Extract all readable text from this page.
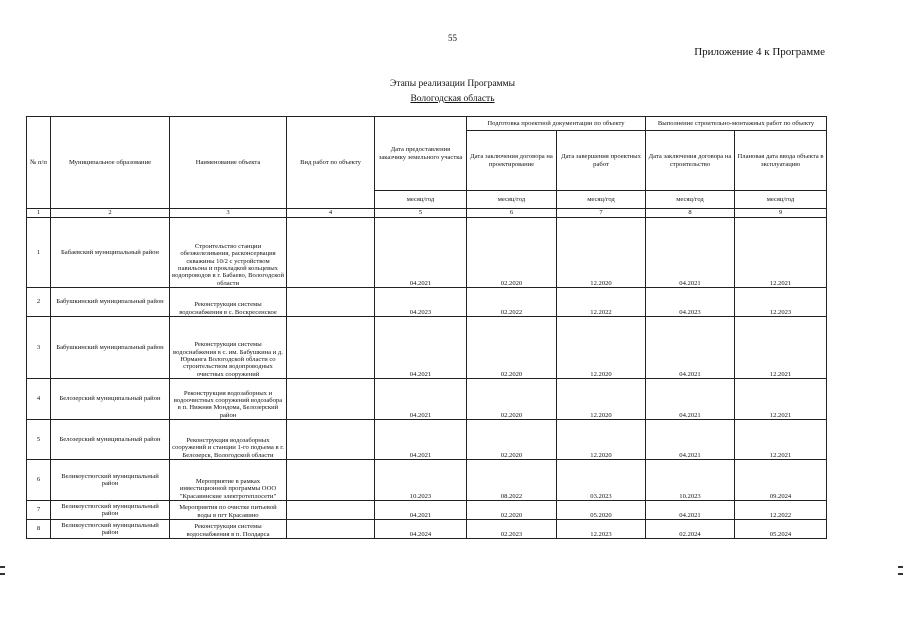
55
Приложение 4 к Программе
Этапы реализации Программы
Вологодская область
№ п/п	Муниципальное образование	Наименование объекта	Вид работ по объекту	Дата предоставления заказчику земельного участка	Подготовка проектной документации по объекту		Выполнение строительно-монтажных работ по объекту	
					Дата заключения договора на проектирование	Дата завершения проектных работ	Дата заключения договора на строительство	Плановая дата ввода объекта в эксплуатацию
				месяц/год	месяц/год	месяц/год	месяц/год	месяц/год
1	2	3	4	5	6	7	8	9
1	Бабаевский муниципальный район	Строительство станции обезжелезивания, расконсервация скважины 10/2 с устройством павильона и прокладкой кольцевых водопроводов в г. Бабаево, Вологодской области		04.2021	02.2020	12.2020	04.2021	12.2021
2	Бабушкинский муниципальный район	Реконструкция системы водоснабжения в с. Воскресенское		04.2023	02.2022	12.2022	04.2023	12.2023
3	Бабушкинский муниципальный район	Реконструкция системы водоснабжения в с. им. Бабушкина и д. Юрманга Вологодской области со строительством водопроводных очистных сооружений		04.2021	02.2020	12.2020	04.2021	12.2021
4	Белозерский муниципальный район	Реконструкция водозаборных и водоочистных сооружений водозабора в п. Нижняя Мондома, Белозерский район		04.2021	02.2020	12.2020	04.2021	12.2021
5	Белозерский муниципальный район	Реконструкция водозаборных сооружений и станции 1-го подъема в г. Белозерск, Вологодской области		04.2021	02.2020	12.2020	04.2021	12.2021
6	Великоустюгский муниципальный район	Мероприятие в рамках инвестиционной программы ООО "Красавинские электротеплосети"		10.2023	08.2022	03.2023	10.2023	09.2024
7	Великоустюгский муниципальный район	Мероприятия по очистке питьевой воды в пгт Красавино		04.2021	02.2020	05.2020	04.2021	12.2022
8	Великоустюгский муниципальный район	Реконструкция системы водоснабжения в п. Полдарса		04.2024	02.2023	12.2023	02.2024	05.2024
